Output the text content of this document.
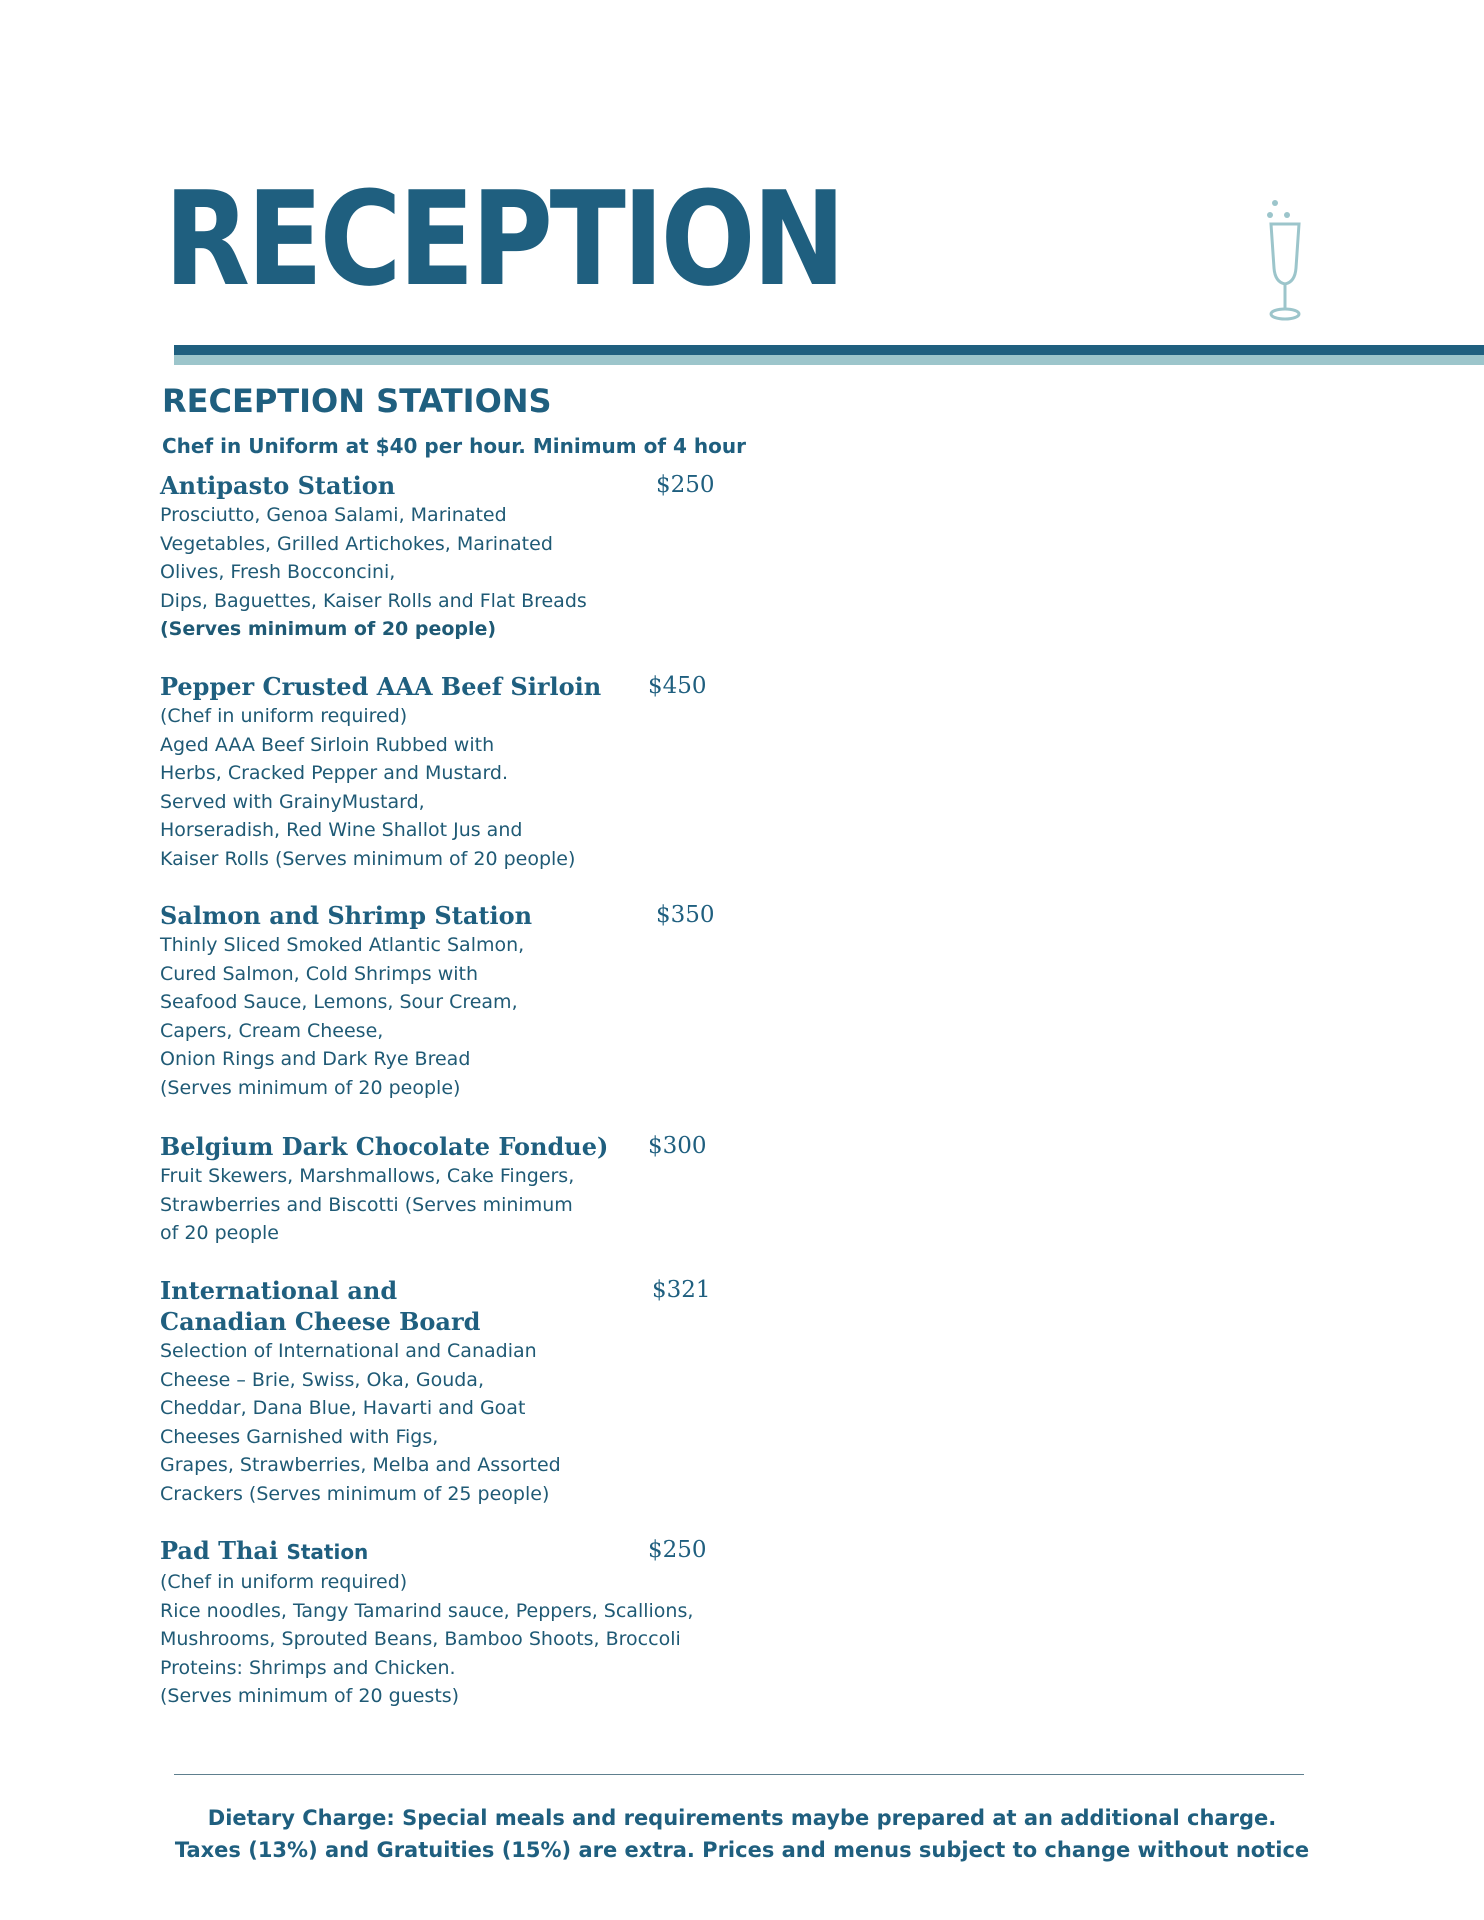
RECEPTION
RECEPTION STATIONS

Chef in Uniform at $40 per hour. Minimum of 4 hour

Antipasto Station	$250

Prosciutto, Genoa Salami, Marinated
Vegetables, Grilled Artichokes, Marinated
Olives, Fresh Bocconcini,
Dips, Baguettes, Kaiser Rolls and Flat Breads

(Serves minimum of 20 people)

Pepper Crusted AAA Beef Sirloin	$450

(Chef in uniform required)
Aged AAA Beef Sirloin Rubbed with
Herbs, Cracked Pepper and Mustard.
Served with GrainyMustard,
Horseradish, Red Wine Shallot Jus and
Kaiser Rolls (Serves minimum of 20 people)

Salmon and Shrimp Station	$350

Thinly Sliced Smoked Atlantic Salmon,
Cured Salmon, Cold Shrimps with
Seafood Sauce, Lemons, Sour Cream,
Capers, Cream Cheese,
Onion Rings and Dark Rye Bread
(Serves minimum of 20 people)

Belgium Dark Chocolate Fondue)	$300

Fruit Skewers, Marshmallows, Cake Fingers,
Strawberries and Biscotti (Serves minimum
of 20 people

International and Canadian Cheese Board
$321

Selection of International and Canadian
Cheese – Brie, Swiss, Oka, Gouda,
Cheddar, Dana Blue, Havarti and Goat
Cheeses Garnished with Figs,
Grapes, Strawberries, Melba and Assorted
Crackers (Serves minimum of 25 people)

Pad Thai Station	$250

(Chef in uniform required)
Rice noodles, Tangy Tamarind sauce, Peppers, Scallions,
Mushrooms, Sprouted Beans, Bamboo Shoots, Broccoli
Proteins: Shrimps and Chicken.
(Serves minimum of 20 guests)

Dietary Charge: Special meals and requirements maybe prepared at an additional charge.

Taxes (13%) and Gratuities (15%) are extra. Prices and menus subject to change without notice
